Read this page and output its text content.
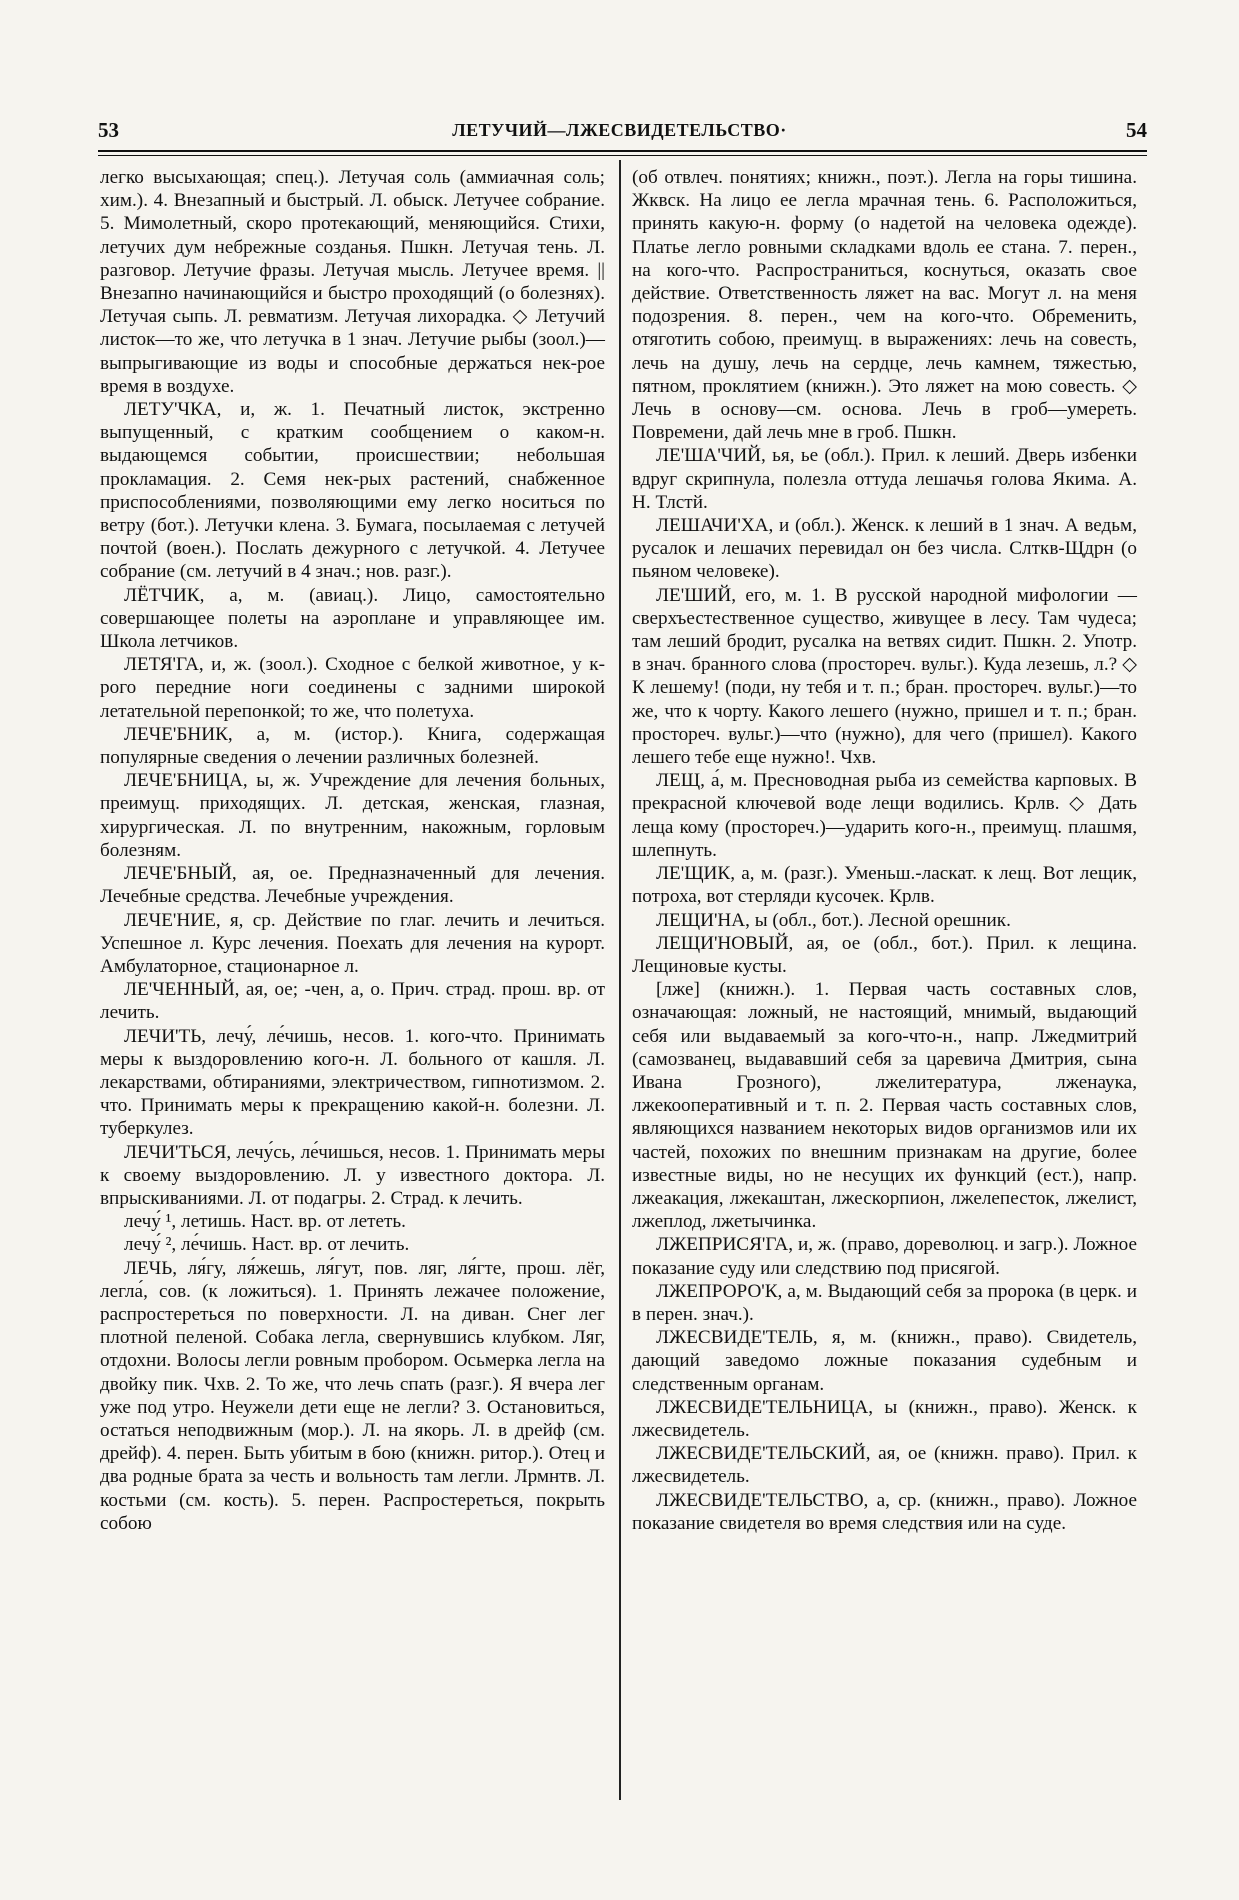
53	ЛЕТУЧИЙ—ЛЖЕСВИДЕТЕЛЬСТВО·	54

легко высыхающая; спец.). Летучая соль (аммиачная соль; хим.). 4. Внезапный и быстрый. Л. обыск. Летучее собрание. 5. Мимолетный, скоро протекающий, меняющийся. Стихи, летучих дум небрежные созданья. Пшкн. Летучая тень. Л. разговор. Летучие фразы. Летучая мысль. Летучее время. || Внезапно начинающийся и быстро проходящий (о болезнях). Летучая сыпь. Л. ревматизм. Летучая лихорадка. ◇ Летучий листок—то же, что летучка в 1 знач. Летучие рыбы (зоол.)—выпрыгивающие из воды и способные держаться нек-рое время в воздухе.

ЛЕТУ'ЧКА, и, ж. 1. Печатный листок, экстренно выпущенный, с кратким сообщением о каком-н. выдающемся событии, происшествии; небольшая прокламация. 2. Семя нек-рых растений, снабженное приспособлениями, позволяющими ему легко носиться по ветру (бот.). Летучки клена. 3. Бумага, посылаемая с летучей почтой (воен.). Послать дежурного с летучкой. 4. Летучее собрание (см. летучий в 4 знач.; нов. разг.).

ЛЁТЧИК, а, м. (авиац.). Лицо, самостоятельно совершающее полеты на аэроплане и управляющее им. Школа летчиков.

ЛЕТЯ'ГА, и, ж. (зоол.). Сходное с белкой животное, у к-рого передние ноги соединены с задними широкой летательной перепонкой; то же, что полетуха.

ЛЕЧЕ'БНИК, а, м. (истор.). Книга, содержащая популярные сведения о лечении различных болезней.

ЛЕЧЕ'БНИЦА, ы, ж. Учреждение для лечения больных, преимущ. приходящих. Л. детская, женская, глазная, хирургическая. Л. по внутренним, накожным, горловым болезням.

ЛЕЧЕ'БНЫЙ, ая, ое. Предназначенный для лечения. Лечебные средства. Лечебные учреждения.

ЛЕЧЕ'НИЕ, я, ср. Действие по глаг. лечить и лечиться. Успешное л. Курс лечения. Поехать для лечения на курорт. Амбулаторное, стационарное л.

ЛЕ'ЧЕННЫЙ, ая, ое; -чен, а, о. Прич. страд. прош. вр. от лечить.

ЛЕЧИ'ТЬ, лечу́, ле́чишь, несов. 1. кого-что. Принимать меры к выздоровлению кого-н. Л. больного от кашля. Л. лекарствами, обтираниями, электричеством, гипнотизмом. 2. что. Принимать меры к прекращению какой-н. болезни. Л. туберкулез.

ЛЕЧИ'ТЬСЯ, лечу́сь, ле́чишься, несов. 1. Принимать меры к своему выздоровлению. Л. у известного доктора. Л. впрыскиваниями. Л. от подагры. 2. Страд. к лечить.

лечу́ ¹, летишь. Наст. вр. от лететь.

лечу́ ², ле́чишь. Наст. вр. от лечить.

ЛЕЧЬ, ля́гу, ля́жешь, ля́гут, пов. ляг, ля́гте, прош. лёг, легла́, сов. (к ложиться). 1. Принять лежачее положение, распростереться по поверхности. Л. на диван. Снег лег плотной пеленой. Собака легла, свернувшись клубком. Ляг, отдохни. Волосы легли ровным пробором. Осьмерка легла на двойку пик. Чхв. 2. То же, что лечь спать (разг.). Я вчера лег уже под утро. Неужели дети еще не легли? 3. Остановиться, остаться неподвижным (мор.). Л. на якорь. Л. в дрейф (см. дрейф). 4. перен. Быть убитым в бою (книжн. ритор.). Отец и два родные брата за честь и вольность там легли. Лрмнтв. Л. костьми (см. кость). 5. перен. Распростереться, покрыть собою

(об отвлеч. понятиях; книжн., поэт.). Легла на горы тишина. Жквск. На лицо ее легла мрачная тень. 6. Расположиться, принять какую-н. форму (о надетой на человека одежде). Платье легло ровными складками вдоль ее стана. 7. перен., на кого-что. Распространиться, коснуться, оказать свое действие. Ответственность ляжет на вас. Могут л. на меня подозрения. 8. перен., чем на кого-что. Обременить, отяготить собою, преимущ. в выражениях: лечь на совесть, лечь на душу, лечь на сердце, лечь камнем, тяжестью, пятном, проклятием (книжн.). Это ляжет на мою совесть. ◇ Лечь в основу—см. основа. Лечь в гроб—умереть. Повремени, дай лечь мне в гроб. Пшкн.

ЛЕ'ША'ЧИЙ, ья, ье (обл.). Прил. к леший. Дверь избенки вдруг скрипнула, полезла оттуда лешачья голова Якима. А. Н. Тлстй.

ЛЕШАЧИ'ХА, и (обл.). Женск. к леший в 1 знач. А ведьм, русалок и лешачих перевидал он без числа. Слткв-Щдрн (о пьяном человеке).

ЛЕ'ШИЙ, его, м. 1. В русской народной мифологии — сверхъестественное существо, живущее в лесу. Там чудеса; там леший бродит, русалка на ветвях сидит. Пшкн. 2. Употр. в знач. бранного слова (простореч. вульг.). Куда лезешь, л.? ◇ К лешему! (поди, ну тебя и т. п.; бран. простореч. вульг.)—то же, что к чорту. Какого лешего (нужно, пришел и т. п.; бран. простореч. вульг.)—что (нужно), для чего (пришел). Какого лешего тебе еще нужно!. Чхв.

ЛЕЩ, а́, м. Пресноводная рыба из семейства карповых. В прекрасной ключевой воде лещи водились. Крлв. ◇ Дать леща кому (простореч.)—ударить кого-н., преимущ. плашмя, шлепнуть.

ЛЕ'ЩИК, а, м. (разг.). Уменьш.-ласкат. к лещ. Вот лещик, потроха, вот стерляди кусочек. Крлв.

ЛЕЩИ'НА, ы (обл., бот.). Лесной орешник.

ЛЕЩИ'НОВЫЙ, ая, ое (обл., бот.). Прил. к лещина. Лещиновые кусты.

[лже] (книжн.). 1. Первая часть составных слов, означающая: ложный, не настоящий, мнимый, выдающий себя или выдаваемый за кого-что-н., напр. Лжедмитрий (самозванец, выдававший себя за царевича Дмитрия, сына Ивана Грозного), лжелитература, лженаука, лжекооперативный и т. п. 2. Первая часть составных слов, являющихся названием некоторых видов организмов или их частей, похожих по внешним признакам на другие, более известные виды, но не несущих их функций (ест.), напр. лжеакация, лжекаштан, лжескорпион, лжелепесток, лжелист, лжеплод, лжетычинка.

ЛЖЕПРИСЯ'ГА, и, ж. (право, дореволюц. и загр.). Ложное показание суду или следствию под присягой.

ЛЖЕПРОРО'К, а, м. Выдающий себя за пророка (в церк. и в перен. знач.).

ЛЖЕСВИДЕ'ТЕЛЬ, я, м. (книжн., право). Свидетель, дающий заведомо ложные показания судебным и следственным органам.

ЛЖЕСВИДЕ'ТЕЛЬНИЦА, ы (книжн., право). Женск. к лжесвидетель.

ЛЖЕСВИДЕ'ТЕЛЬСКИЙ, ая, ое (книжн. право). Прил. к лжесвидетель.

ЛЖЕСВИДЕ'ТЕЛЬСТВО, а, ср. (книжн., право). Ложное показание свидетеля во время следствия или на суде.
